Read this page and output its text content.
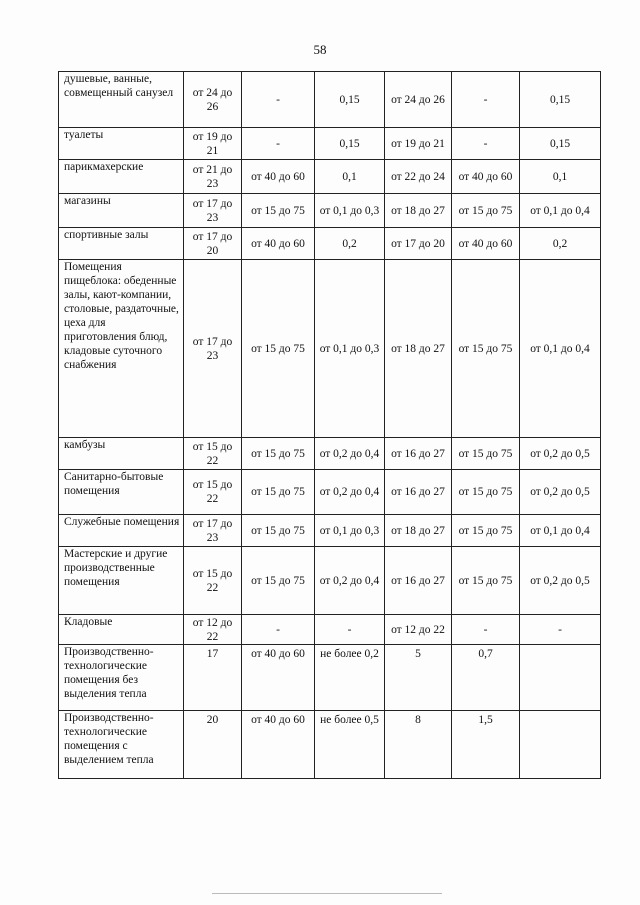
58
душевые, ванные, совмещенный санузел	от 24 до 26	-	0,15	от 24 до 26	-	0,15
туалеты	от 19 до 21	-	0,15	от 19 до 21	-	0,15
парикмахерские	от 21 до 23	от 40 до 60	0,1	от 22 до 24	от 40 до 60	0,1
магазины	от 17 до 23	от 15 до 75	от 0,1 до 0,3	от 18 до 27	от 15 до 75	от 0,1 до 0,4
спортивные залы	от 17 до 20	от 40 до 60	0,2	от 17 до 20	от 40 до 60	0,2
Помещения пищеблока: обеденные залы, кают-компании, столовые, раздаточные, цеха для приготовления блюд, кладовые суточного снабжения	от 17 до 23	от 15 до 75	от 0,1 до 0,3	от 18 до 27	от 15 до 75	от 0,1 до 0,4
камбузы	от 15 до 22	от 15 до 75	от 0,2 до 0,4	от 16 до 27	от 15 до 75	от 0,2 до 0,5
Санитарно-бытовые помещения	от 15 до 22	от 15 до 75	от 0,2 до 0,4	от 16 до 27	от 15 до 75	от 0,2 до 0,5
Служебные помещения	от 17 до 23	от 15 до 75	от 0,1 до 0,3	от 18 до 27	от 15 до 75	от 0,1 до 0,4
Мастерские и другие производственные помещения	от 15 до 22	от 15 до 75	от 0,2 до 0,4	от 16 до 27	от 15 до 75	от 0,2 до 0,5
Кладовые	от 12 до 22	-	-	от 12 до 22	-	-
Производственно-технологические помещения без выделения тепла	17	от 40 до 60	не более 0,2	5	0,7	
Производственно-технологические помещения с выделением тепла	20	от 40 до 60	не более 0,5	8	1,5	
